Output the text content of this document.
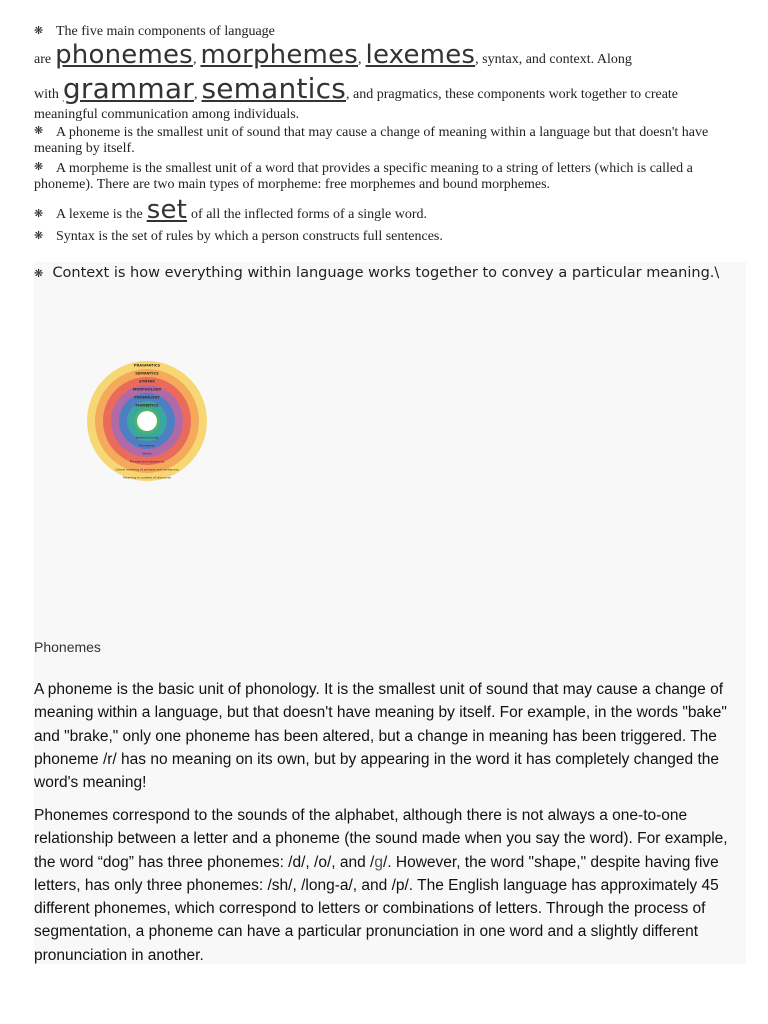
❋ The five main components of language
are phonemes, morphemes, lexemes, syntax, and context. Along
with grammar, semantics, and pragmatics, these components work together to create
meaningful communication among individuals.
❋ A phoneme is the smallest unit of sound that may cause a change of meaning within a language but that doesn't have meaning by itself.
❋ A morpheme is the smallest unit of a word that provides a specific meaning to a string of letters (which is called a phoneme). There are two main types of morpheme: free morphemes and bound morphemes.
❋ A lexeme is the set of all the inflected forms of a single word.
❋ Syntax is the set of rules by which a person constructs full sentences.
❋ Context is how everything within language works together to convey a particular meaning.\
PRAGMATICS
SEMANTICS
SYNTAX
MORPHOLOGY
PHONOLOGY
PHONETICS
Speech sounds
Phonemes
Words
Phrases and sentences
Literal meaning of phrases and sentences
Meaning in context of discourse
Phonemes
A phoneme is the basic unit of phonology. It is the smallest unit of sound that may cause a change of meaning within a language, but that doesn't have meaning by itself. For example, in the words "bake" and "brake," only one phoneme has been altered, but a change in meaning has been triggered. The phoneme /r/ has no meaning on its own, but by appearing in the word it has completely changed the word's meaning!
Phonemes correspond to the sounds of the alphabet, although there is not always a one-to-one relationship between a letter and a phoneme (the sound made when you say the word). For example, the word “dog” has three phonemes: /d/, /o/, and /g/. However, the word "shape," despite having five letters, has only three phonemes: /sh/, /long-a/, and /p/. The English language has approximately 45 different phonemes, which correspond to letters or combinations of letters. Through the process of segmentation, a phoneme can have a particular pronunciation in one word and a slightly different pronunciation in another.
